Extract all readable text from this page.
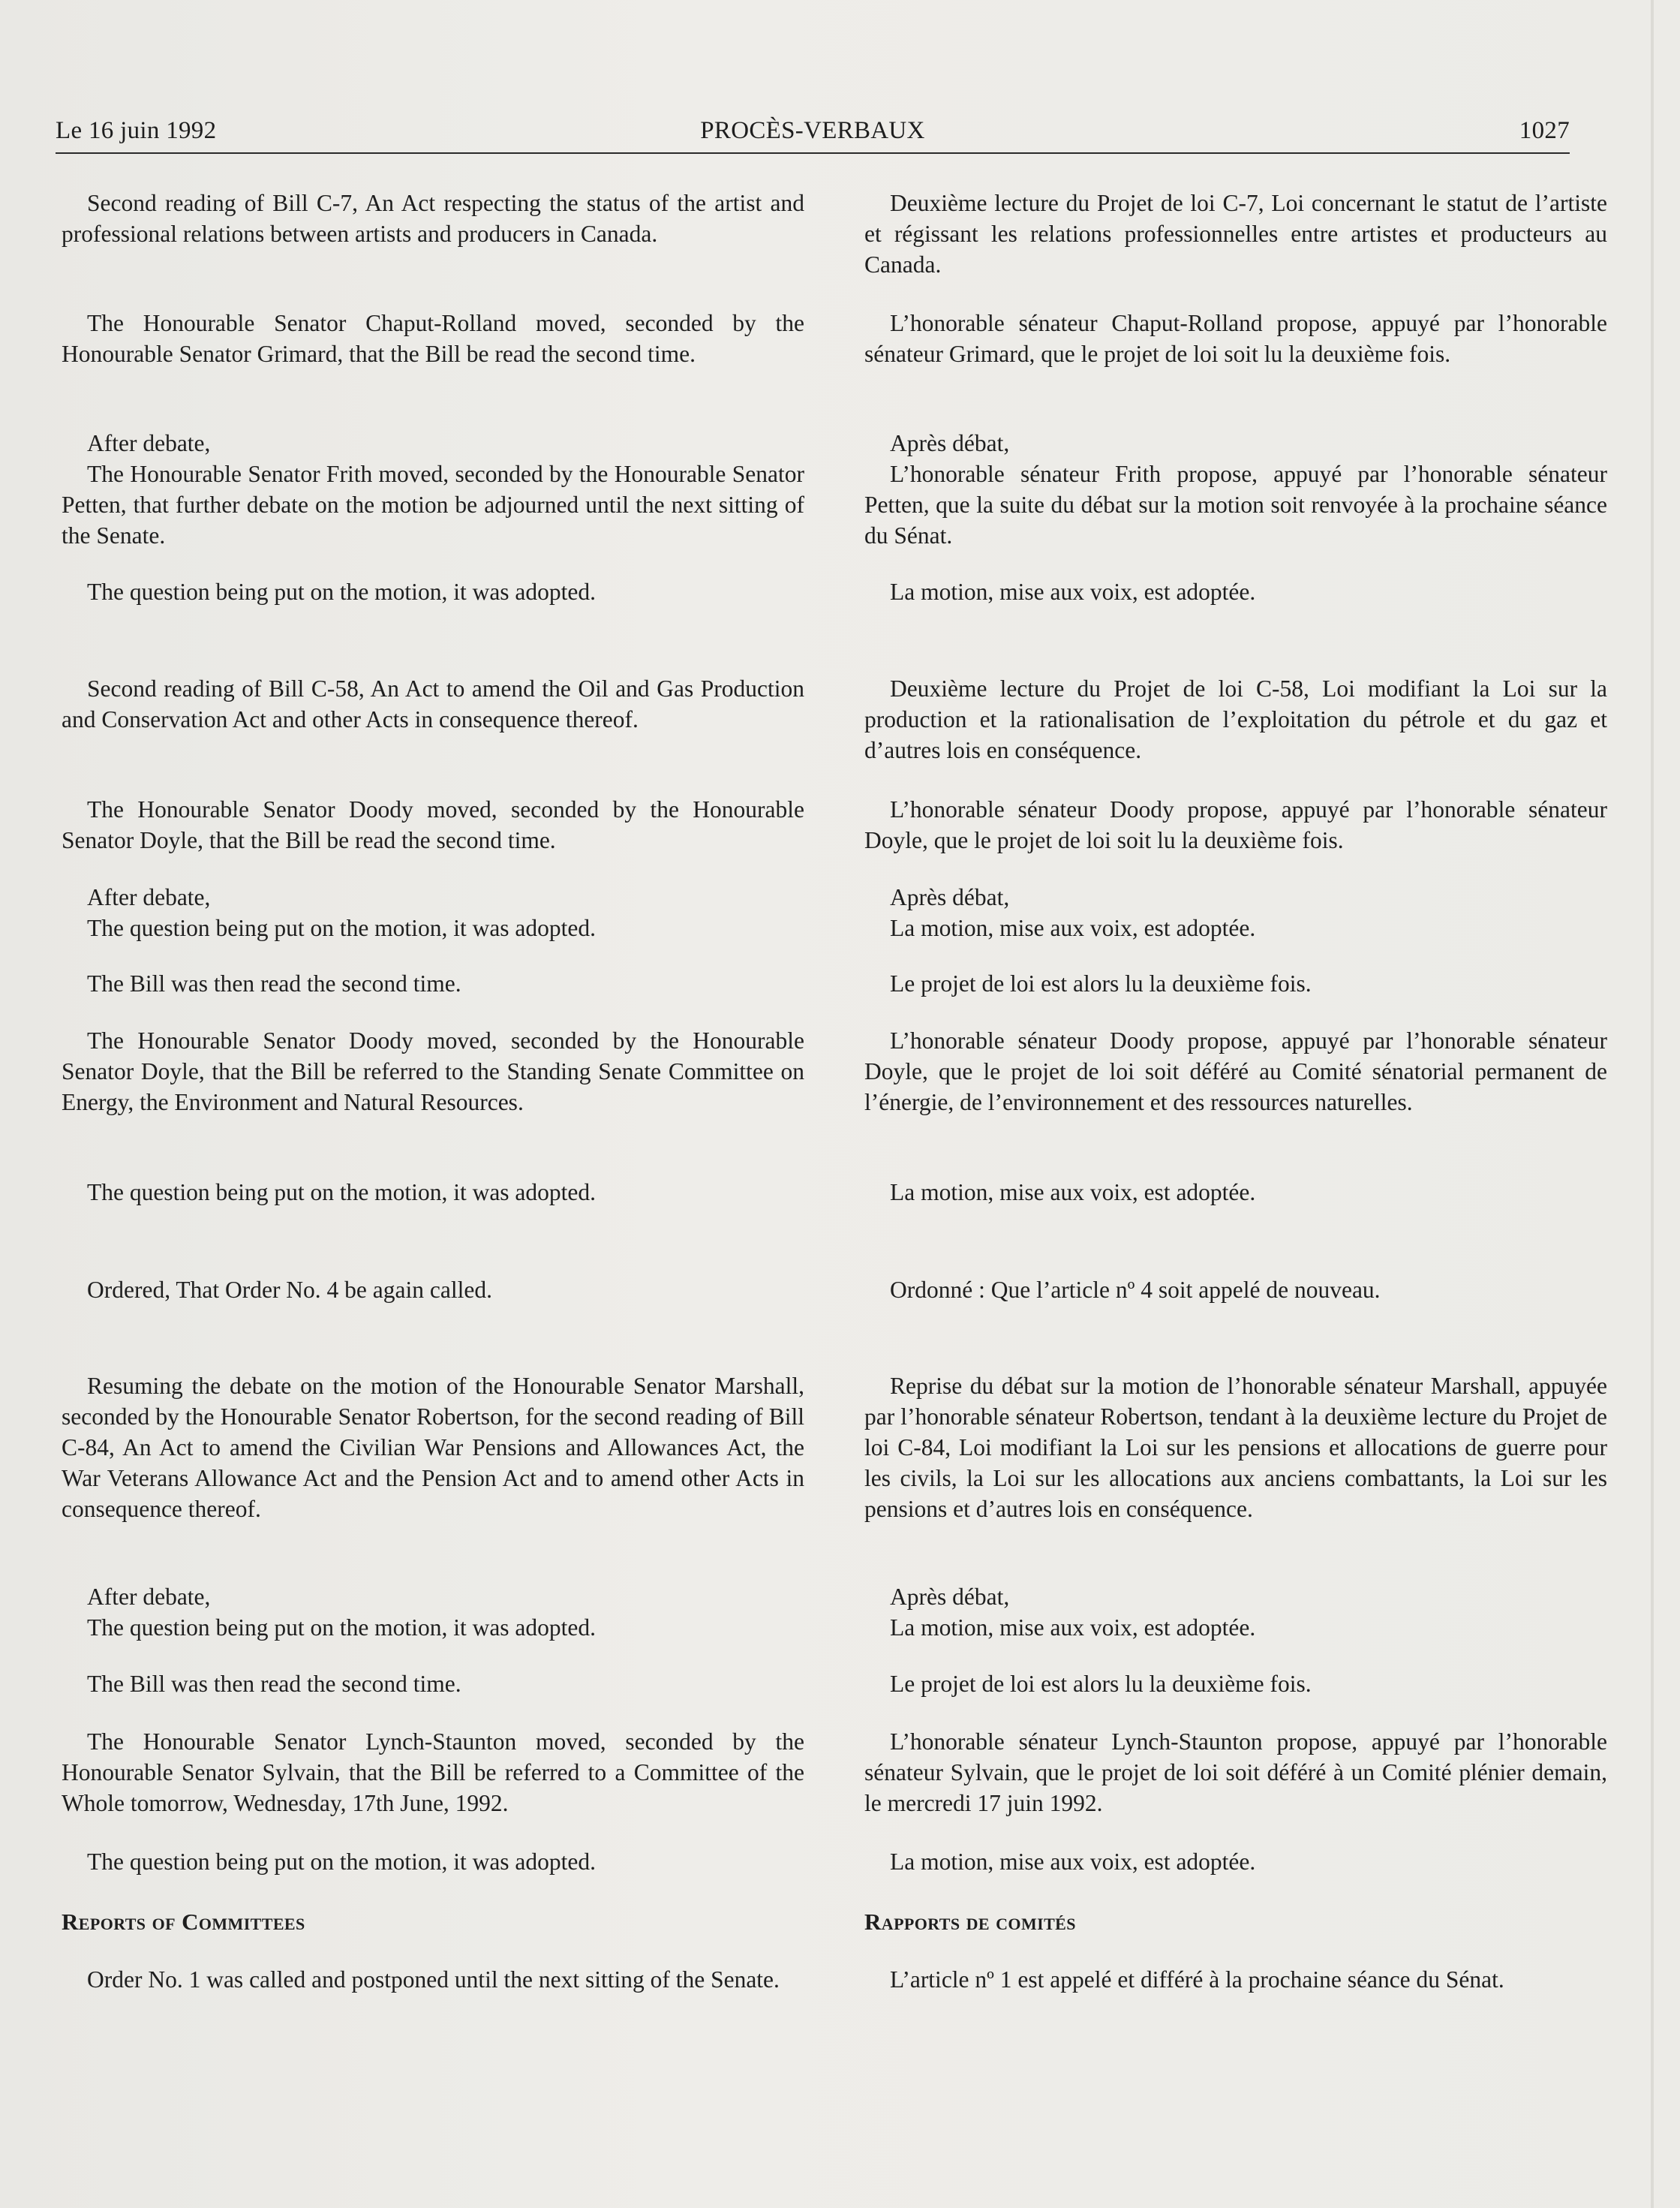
Le 16 juin 1992	PROCÈS-VERBAUX	1027

Second reading of Bill C-7, An Act respecting the status of the artist and professional relations between artists and producers in Canada.

The Honourable Senator Chaput-Rolland moved, seconded by the Honourable Senator Grimard, that the Bill be read the second time.

After debate,

The Honourable Senator Frith moved, seconded by the Honourable Senator Petten, that further debate on the motion be adjourned until the next sitting of the Senate.

The question being put on the motion, it was adopted.

Second reading of Bill C-58, An Act to amend the Oil and Gas Production and Conservation Act and other Acts in consequence thereof.

The Honourable Senator Doody moved, seconded by the Honourable Senator Doyle, that the Bill be read the second time.

After debate,

The question being put on the motion, it was adopted.

The Bill was then read the second time.

The Honourable Senator Doody moved, seconded by the Honourable Senator Doyle, that the Bill be referred to the Standing Senate Committee on Energy, the Environment and Natural Resources.

The question being put on the motion, it was adopted.

Ordered, That Order No. 4 be again called.

Resuming the debate on the motion of the Honourable Senator Marshall, seconded by the Honourable Senator Robertson, for the second reading of Bill C-84, An Act to amend the Civilian War Pensions and Allowances Act, the War Veterans Allowance Act and the Pension Act and to amend other Acts in consequence thereof.

After debate,

The question being put on the motion, it was adopted.

The Bill was then read the second time.

The Honourable Senator Lynch-Staunton moved, seconded by the Honourable Senator Sylvain, that the Bill be referred to a Committee of the Whole tomorrow, Wednesday, 17th June, 1992.

The question being put on the motion, it was adopted.

Reports of Committees

Order No. 1 was called and postponed until the next sitting of the Senate.

Deuxième lecture du Projet de loi C-7, Loi concernant le statut de l’artiste et régissant les relations professionnelles entre artistes et producteurs au Canada.

L’honorable sénateur Chaput-Rolland propose, appuyé par l’honorable sénateur Grimard, que le projet de loi soit lu la deuxième fois.

Après débat,

L’honorable sénateur Frith propose, appuyé par l’honorable sénateur Petten, que la suite du débat sur la motion soit renvoyée à la prochaine séance du Sénat.

La motion, mise aux voix, est adoptée.

Deuxième lecture du Projet de loi C-58, Loi modifiant la Loi sur la production et la rationalisation de l’exploitation du pétrole et du gaz et d’autres lois en conséquence.

L’honorable sénateur Doody propose, appuyé par l’honorable sénateur Doyle, que le projet de loi soit lu la deuxième fois.

Après débat,

La motion, mise aux voix, est adoptée.

Le projet de loi est alors lu la deuxième fois.

L’honorable sénateur Doody propose, appuyé par l’honorable sénateur Doyle, que le projet de loi soit déféré au Comité sénatorial permanent de l’énergie, de l’environnement et des ressources naturelles.

La motion, mise aux voix, est adoptée.

Ordonné : Que l’article nº 4 soit appelé de nouveau.

Reprise du débat sur la motion de l’honorable sénateur Marshall, appuyée par l’honorable sénateur Robertson, tendant à la deuxième lecture du Projet de loi C-84, Loi modifiant la Loi sur les pensions et allocations de guerre pour les civils, la Loi sur les allocations aux anciens combattants, la Loi sur les pensions et d’autres lois en conséquence.

Après débat,

La motion, mise aux voix, est adoptée.

Le projet de loi est alors lu la deuxième fois.

L’honorable sénateur Lynch-Staunton propose, appuyé par l’honorable sénateur Sylvain, que le projet de loi soit déféré à un Comité plénier demain, le mercredi 17 juin 1992.

La motion, mise aux voix, est adoptée.

Rapports de comités

L’article nº 1 est appelé et différé à la prochaine séance du Sénat.
